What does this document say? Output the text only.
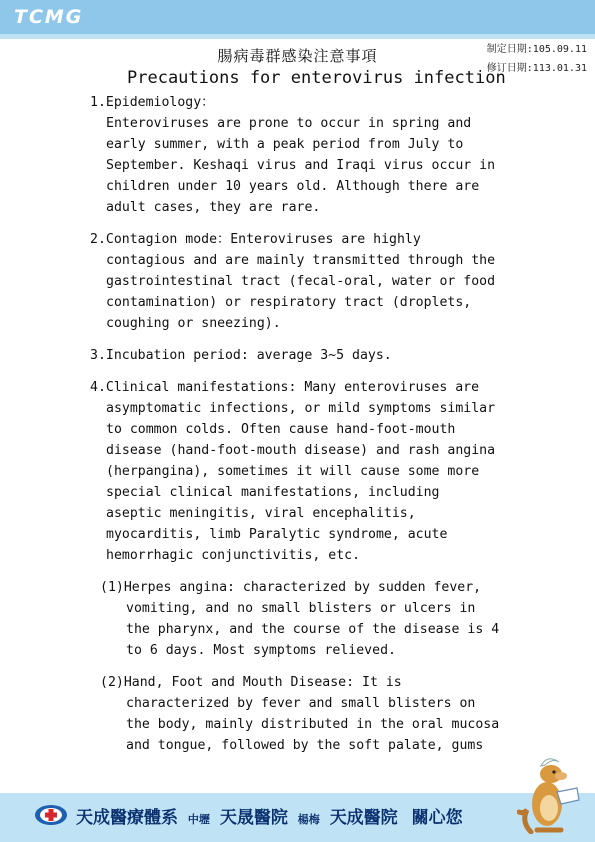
TCMG
制定日期:105.09.11
修订日期:113.01.31
腸病毒群感染注意事項
Precautions for enterovirus infection
1.Epidemiology：
Enteroviruses are prone to occur in spring and
early summer, with a peak period from July to
September. Keshaqi virus and Iraqi virus occur in
children under 10 years old. Although there are
adult cases, they are rare.
2.Contagion mode：Enteroviruses are highly
contagious and are mainly transmitted through the
gastrointestinal tract (fecal-oral, water or food
contamination) or respiratory tract (droplets,
coughing or sneezing).
3.Incubation period: average 3~5 days.
4.Clinical manifestations: Many enteroviruses are
asymptomatic infections, or mild symptoms similar
to common colds. Often cause hand-foot-mouth
disease (hand-foot-mouth disease) and rash angina
(herpangina), sometimes it will cause some more
special clinical manifestations, including
aseptic meningitis, viral encephalitis,
myocarditis, limb Paralytic syndrome, acute
hemorrhagic conjunctivitis, etc.
(1)Herpes angina: characterized by sudden fever,
vomiting, and no small blisters or ulcers in
the pharynx, and the course of the disease is 4
to 6 days. Most symptoms relieved.
(2)Hand, Foot and Mouth Disease: It is
characterized by fever and small blisters on
the body, mainly distributed in the oral mucosa
and tongue, followed by the soft palate, gums
天成醫療體系 中壢 天晟醫院 楊梅 天成醫院 關心您
